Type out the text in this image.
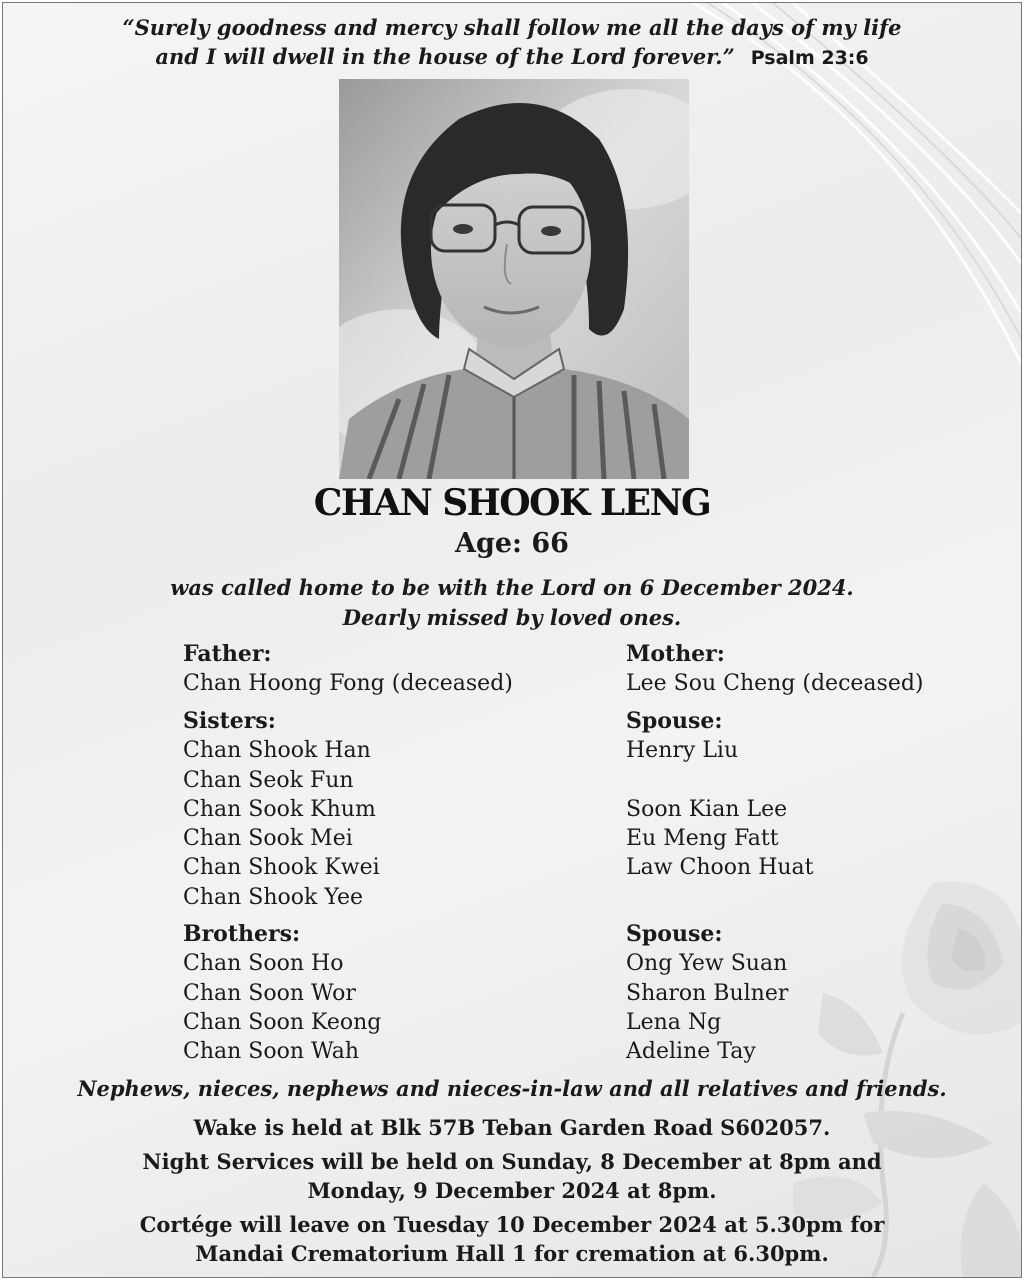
“Surely goodness and mercy shall follow me all the days of my life
and I will dwell in the house of the Lord forever.” Psalm 23:6
CHAN SHOOK LENG
Age: 66
was called home to be with the Lord on 6 December 2024.
Dearly missed by loved ones.
Father:
Chan Hoong Fong (deceased)
Mother:
Lee Sou Cheng (deceased)
Sisters:
Chan Shook Han
Chan Seok Fun
Chan Sook Khum
Chan Sook Mei
Chan Shook Kwei
Chan Shook Yee
Spouse:
Henry Liu
Soon Kian Lee
Eu Meng Fatt
Law Choon Huat
Brothers:
Chan Soon Ho
Chan Soon Wor
Chan Soon Keong
Chan Soon Wah
Spouse:
Ong Yew Suan
Sharon Bulner
Lena Ng
Adeline Tay
Nephews, nieces, nephews and nieces-in-law and all relatives and friends.
Wake is held at Blk 57B Teban Garden Road S602057.
Night Services will be held on Sunday, 8 December at 8pm and
Monday, 9 December 2024 at 8pm.
Cortége will leave on Tuesday 10 December 2024 at 5.30pm for
Mandai Crematorium Hall 1 for cremation at 6.30pm.
